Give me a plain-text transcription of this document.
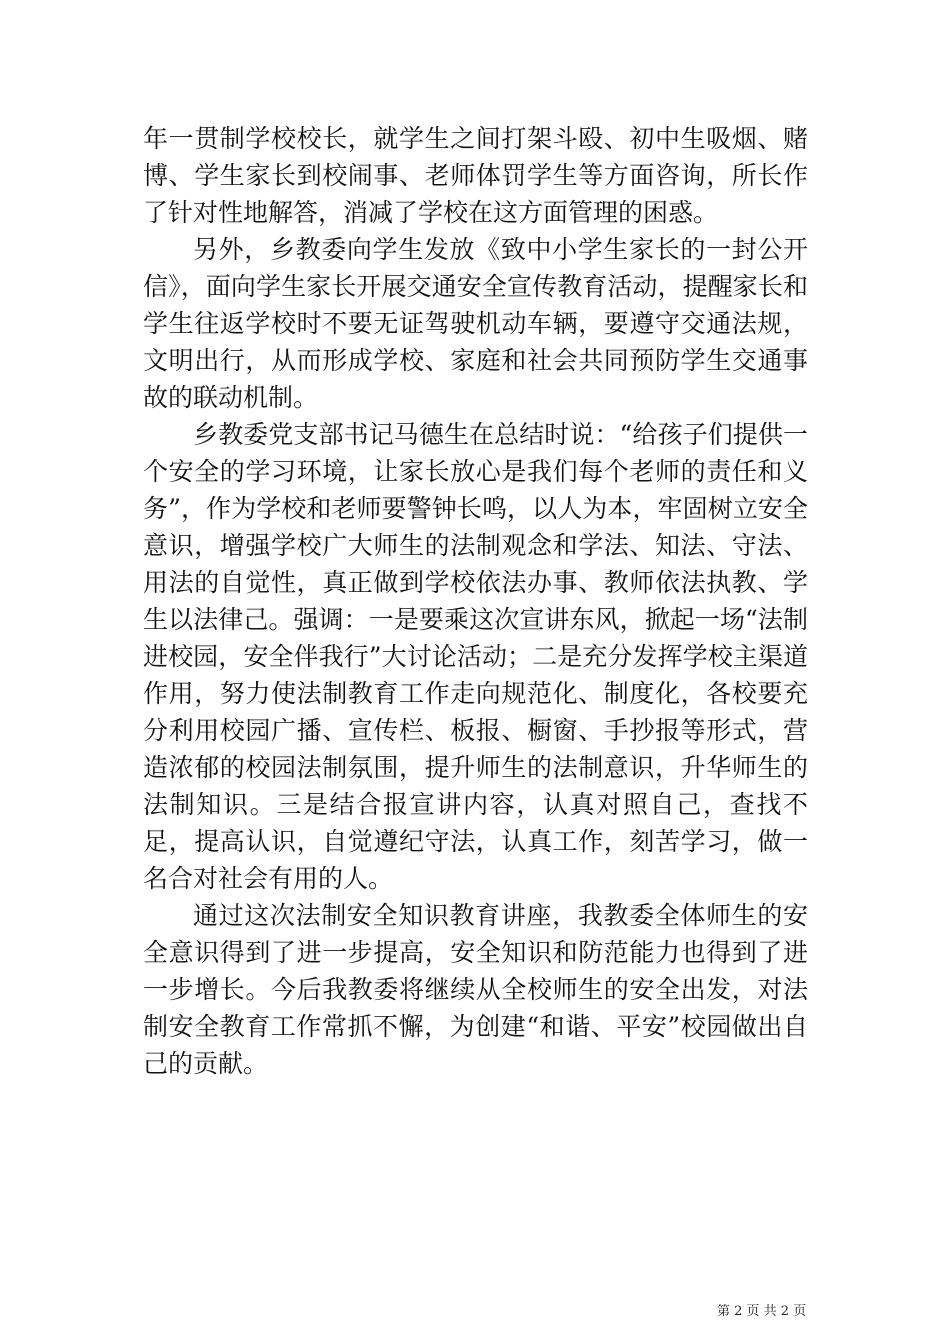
年一贯制学校校长，就学生之间打架斗殴、初中生吸烟、赌博、学生家长到校闹事、老师体罚学生等方面咨询，所长作了针对性地解答，消减了学校在这方面管理的困惑。

另外，乡教委向学生发放《致中小学生家长的一封公开信》，面向学生家长开展交通安全宣传教育活动，提醒家长和学生往返学校时不要无证驾驶机动车辆，要遵守交通法规，文明出行，从而形成学校、家庭和社会共同预防学生交通事故的联动机制。

乡教委党支部书记马德生在总结时说：“给孩子们提供一个安全的学习环境，让家长放心是我们每个老师的责任和义务”，作为学校和老师要警钟长鸣，以人为本，牢固树立安全意识，增强学校广大师生的法制观念和学法、知法、守法、用法的自觉性，真正做到学校依法办事、教师依法执教、学生以法律己。强调：一是要乘这次宣讲东风，掀起一场“法制进校园，安全伴我行”大讨论活动；二是充分发挥学校主渠道作用，努力使法制教育工作走向规范化、制度化，各校要充分利用校园广播、宣传栏、板报、橱窗、手抄报等形式，营造浓郁的校园法制氛围，提升师生的法制意识，升华师生的法制知识。三是结合报宣讲内容，认真对照自己，查找不足，提高认识，自觉遵纪守法，认真工作，刻苦学习，做一名合对社会有用的人。

通过这次法制安全知识教育讲座，我教委全体师生的安全意识得到了进一步提高，安全知识和防范能力也得到了进一步增长。今后我教委将继续从全校师生的安全出发，对法制安全教育工作常抓不懈，为创建“和谐、平安”校园做出自己的贡献。

第 2 页 共 2 页
